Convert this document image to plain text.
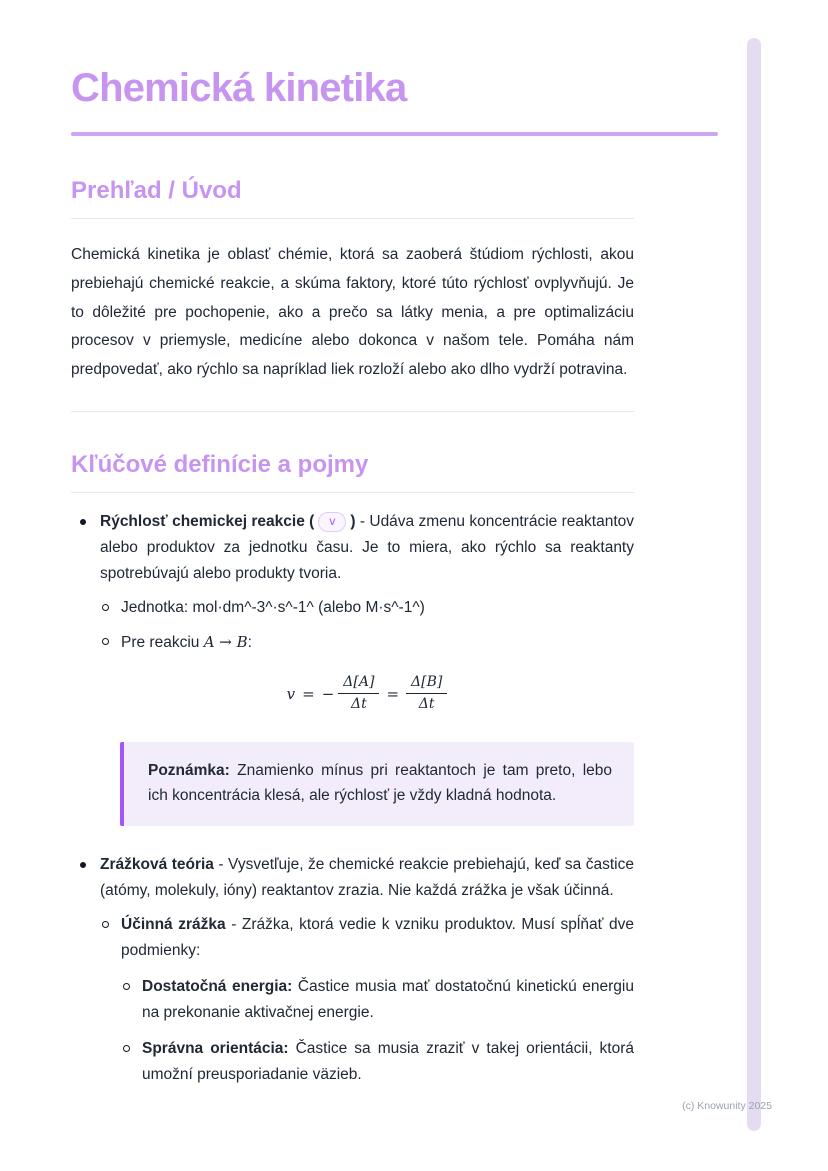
Chemická kinetika
Prehľad / Úvod

Chemická kinetika je oblasť chémie, ktorá sa zaoberá štúdiom rýchlosti, akou prebiehajú chemické reakcie, a skúma faktory, ktoré túto rýchlosť ovplyvňujú. Je to dôležité pre pochopenie, ako a prečo sa látky menia, a pre optimalizáciu procesov v priemysle, medicíne alebo dokonca v našom tele. Pomáha nám predpovedať, ako rýchlo sa napríklad liek rozloží alebo ako dlho vydrží potravina.

Kľúčové definície a pojmy

Rýchlosť chemickej reakcie ( v ) - Udáva zmenu koncentrácie reaktantov alebo produktov za jednotku času. Je to miera, ako rýchlo sa reaktanty spotrebúvajú alebo produkty tvoria.

Jednotka: mol·dm^-3^·s^-1^ (alebo M·s^-1^)

Pre reakciu A → B:

v = − $\frac{\Delta[A]}{\Delta t} = \frac{\Delta[B]}{\Delta t}$

Poznámka: Znamienko mínus pri reaktantoch je tam preto, lebo ich koncentrácia klesá, ale rýchlosť je vždy kladná hodnota.

Zrážková teória - Vysvetľuje, že chemické reakcie prebiehajú, keď sa častice (atómy, molekuly, ióny) reaktantov zrazia. Nie každá zrážka je však účinná.

Účinná zrážka - Zrážka, ktorá vedie k vzniku produktov. Musí spĺňať dve podmienky:

Dostatočná energia: Častice musia mať dostatočnú kinetickú energiu na prekonanie aktivačnej energie.

Správna orientácia: Častice sa musia zraziť v takej orientácii, ktorá umožní preusporiadanie väzieb.

(c) Knowunity 2025
